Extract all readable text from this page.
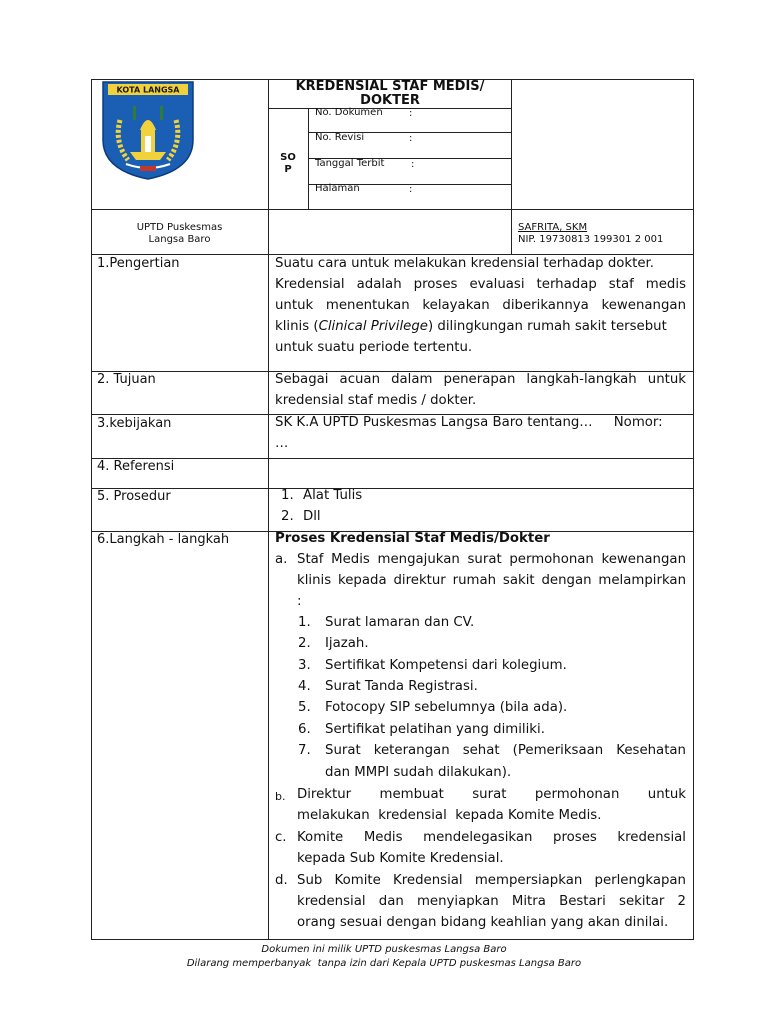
KOTA LANGSA	KREDENSIAL STAF MEDIS/
DOKTER
SO
P
No. Dokumen	:
No. Revisi	:
Tanggal Terbit	:
Halaman	:
UPTD Puskesmas
Langsa Baro
SAFRITA, SKM
NIP. 19730813 199301 2 001
1.Pengertian	Suatu cara untuk melakukan kredensial terhadap dokter.
Kredensial adalah proses evaluasi terhadap staf medis
untuk menentukan kelayakan diberikannya kewenangan
klinis (Clinical Privilege) dilingkungan rumah sakit tersebut
untuk suatu periode tertentu.
2. Tujuan	Sebagai acuan dalam penerapan langkah-langkah untuk
kredensial staf medis / dokter.
3.kebijakan	SK K.A UPTD Puskesmas Langsa Baro tentang…     Nomor:
…
4. Referensi
5. Prosedur	1. Alat Tulis
2. Dll
6.Langkah - langkah	Proses Kredensial Staf Medis/Dokter
a. Staf Medis mengajukan surat permohonan kewenangan
klinis kepada direktur rumah sakit dengan melampirkan
:
1. Surat lamaran dan CV.
2. Ijazah.
3. Sertifikat Kompetensi dari kolegium.
4. Surat Tanda Registrasi.
5. Fotocopy SIP sebelumnya (bila ada).
6. Sertifikat pelatihan yang dimiliki.
7. Surat keterangan sehat (Pemeriksaan Kesehatan
dan MMPI sudah dilakukan).
b. Direktur membuat surat permohonan untuk
melakukan  kredensial  kepada Komite Medis.
c. Komite Medis mendelegasikan proses kredensial
kepada Sub Komite Kredensial.
d. Sub Komite Kredensial mempersiapkan perlengkapan
kredensial dan menyiapkan Mitra Bestari sekitar 2
orang sesuai dengan bidang keahlian yang akan dinilai.
Dokumen ini milik UPTD puskesmas Langsa Baro
Dilarang memperbanyak  tanpa izin dari Kepala UPTD puskesmas Langsa Baro
